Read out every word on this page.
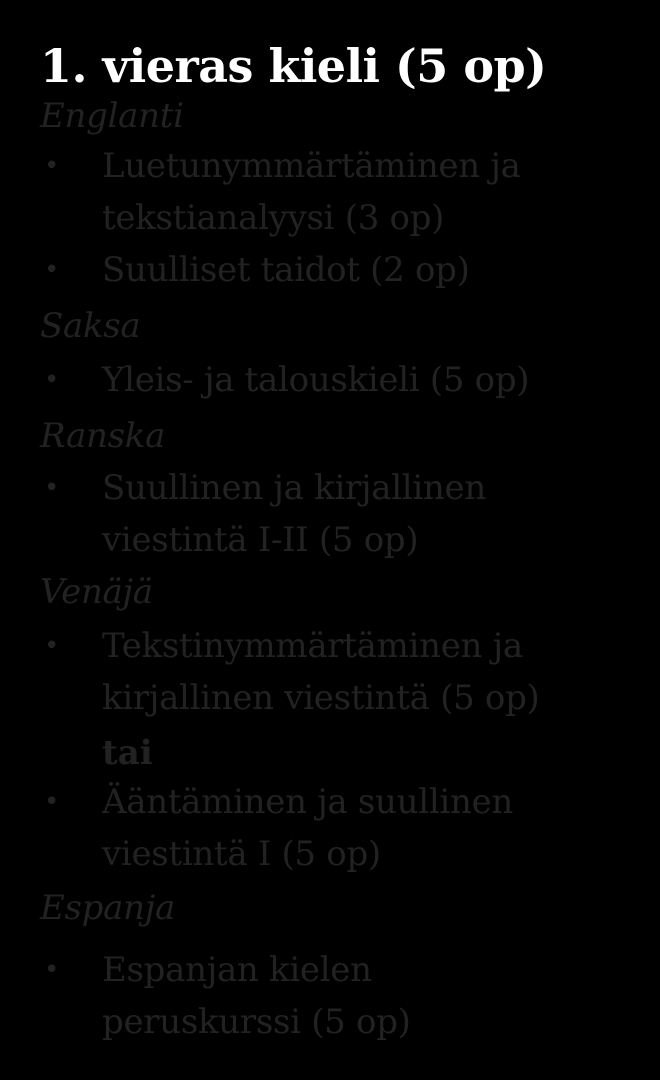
1. vieras kieli (5 op)
Englanti
• Luetunymmärtäminen ja
tekstianalyysi (3 op)
• Suulliset taidot (2 op)
Saksa
• Yleis- ja talouskieli (5 op)
Ranska
• Suullinen ja kirjallinen
viestintä I-II (5 op)
Venäjä
• Tekstinymmärtäminen ja
kirjallinen viestintä (5 op)
tai
• Ääntäminen ja suullinen
viestintä I (5 op)
Espanja
• Espanjan kielen
peruskurssi (5 op)
